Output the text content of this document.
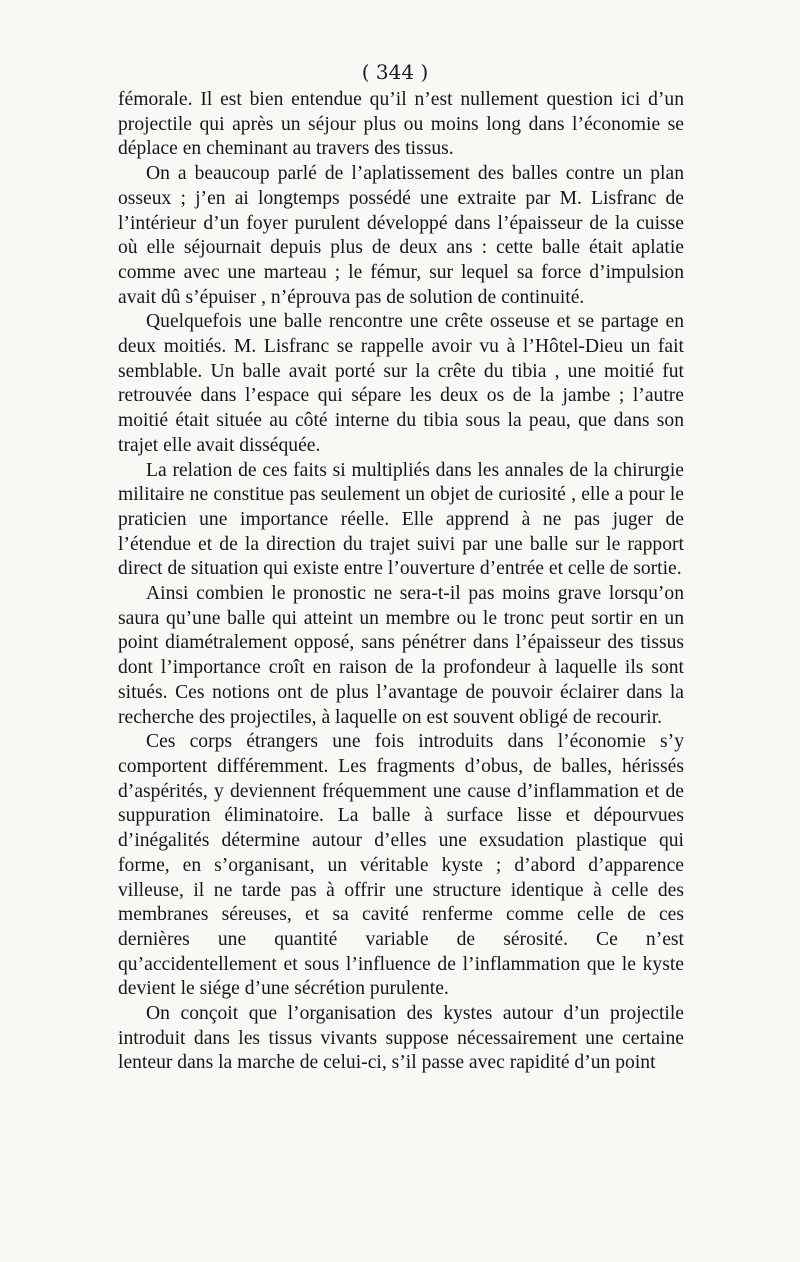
( 344 )

fémorale. Il est bien entendue qu’il n’est nullement question ici d’un projectile qui après un séjour plus ou moins long dans l’économie se déplace en cheminant au travers des tissus.

On a beaucoup parlé de l’aplatissement des balles contre un plan osseux ; j’en ai longtemps possédé une extraite par M. Lisfranc de l’intérieur d’un foyer purulent développé dans l’épaisseur de la cuisse où elle séjournait depuis plus de deux ans : cette balle était aplatie comme avec une marteau ; le fémur, sur lequel sa force d’impulsion avait dû s’épuiser , n’éprouva pas de solution de continuité.

Quelquefois une balle rencontre une crête osseuse et se partage en deux moitiés. M. Lisfranc se rappelle avoir vu à l’Hôtel-Dieu un fait semblable. Un balle avait porté sur la crête du tibia , une moitié fut retrouvée dans l’espace qui sépare les deux os de la jambe ; l’autre moitié était située au côté interne du tibia sous la peau, que dans son trajet elle avait disséquée.

La relation de ces faits si multipliés dans les annales de la chirurgie militaire ne constitue pas seulement un objet de curiosité , elle a pour le praticien une importance réelle. Elle apprend à ne pas juger de l’étendue et de la direction du trajet suivi par une balle sur le rapport direct de situation qui existe entre l’ouverture d’entrée et celle de sortie.

Ainsi combien le pronostic ne sera-t-il pas moins grave lorsqu’on saura qu’une balle qui atteint un membre ou le tronc peut sortir en un point diamétralement opposé, sans pénétrer dans l’épaisseur des tissus dont l’importance croît en raison de la profondeur à laquelle ils sont situés. Ces notions ont de plus l’avantage de pouvoir éclairer dans la recherche des projectiles, à laquelle on est souvent obligé de recourir.

Ces corps étrangers une fois introduits dans l’économie s’y comportent différemment. Les fragments d’obus, de balles, hérissés d’aspérités, y deviennent fréquemment une cause d’inflammation et de suppuration éliminatoire. La balle à surface lisse et dépourvues d’inégalités détermine autour d’elles une exsudation plastique qui forme, en s’organisant, un véritable kyste ; d’abord d’apparence villeuse, il ne tarde pas à offrir une structure identique à celle des membranes séreuses, et sa cavité renferme comme celle de ces dernières une quantité variable de sérosité. Ce n’est qu’accidentellement et sous l’influence de l’inflammation que le kyste devient le siége d’une sécrétion purulente.

On conçoit que l’organisation des kystes autour d’un projectile introduit dans les tissus vivants suppose nécessairement une certaine lenteur dans la marche de celui-ci, s’il passe avec rapidité d’un point
